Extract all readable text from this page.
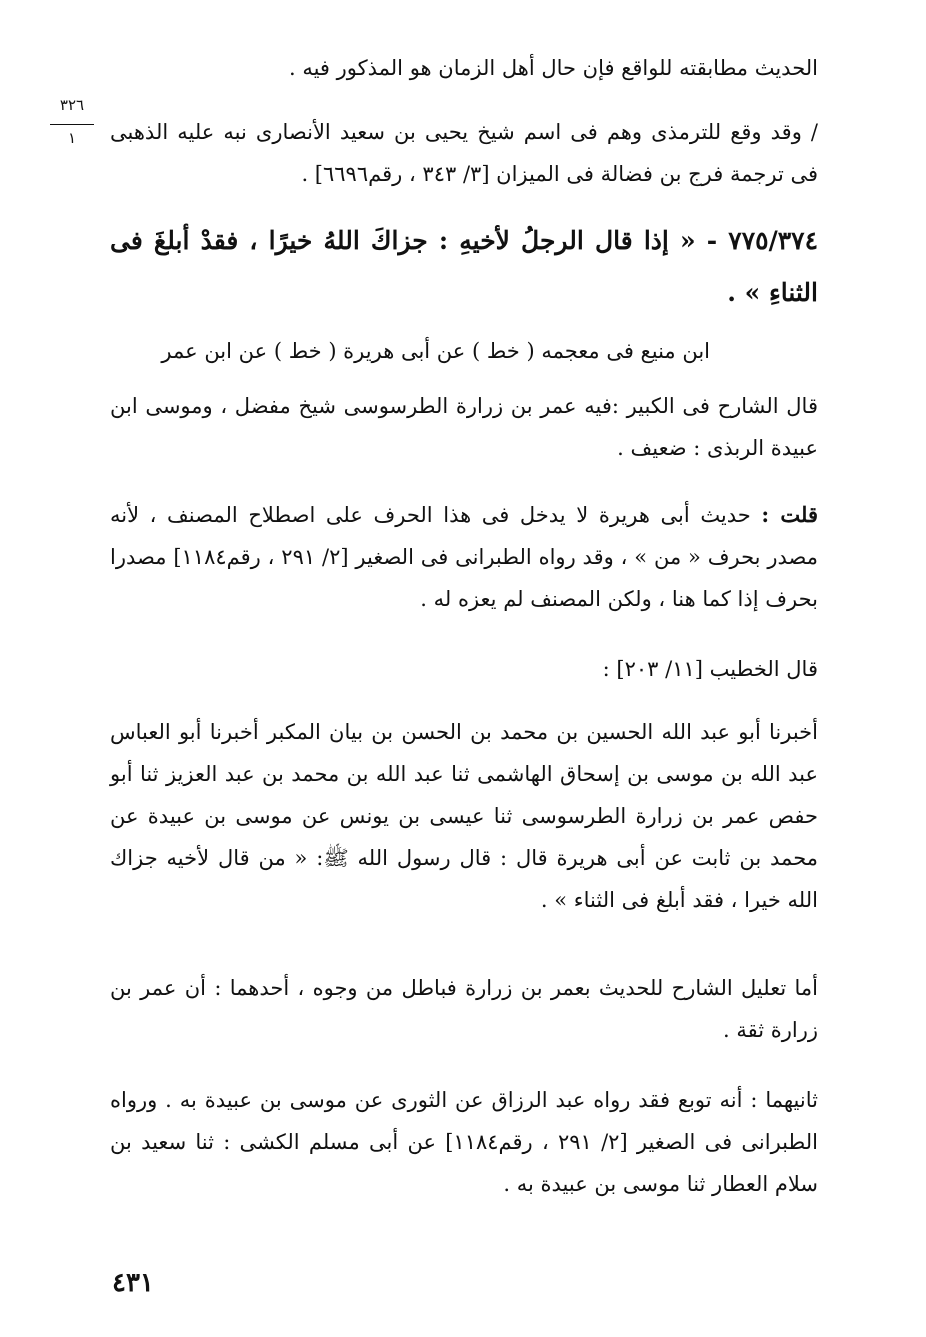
الحديث مطابقته للواقع فإن حال أهل الزمان هو المذكور فيه .

/ وقد وقع للترمذى وهم فى اسم شيخ يحيى بن سعيد الأنصارى نبه عليه الذهبى فى ترجمة فرج بن فضالة فى الميزان [٣/ ٣٤٣ ، رقم٦٦٩٦] .

٣٢٦
١

٧٧٥/٣٧٤ - « إذا قال الرجلُ لأخيهِ : جزاكَ اللهُ خيرًا ، فقدْ أبلغَ فى الثناءِ » .

ابن منيع فى معجمه ( خط ) عن أبى هريرة ( خط ) عن ابن عمر

قال الشارح فى الكبير :فيه عمر بن زرارة الطرسوسى شيخ مفضل ، وموسى ابن عبيدة الربذى : ضعيف .

قلت : حديث أبى هريرة لا يدخل فى هذا الحرف على اصطلاح المصنف ، لأنه مصدر بحرف « من » ، وقد رواه الطبرانى فى الصغير [٢/ ٢٩١ ، رقم١١٨٤] مصدرا بحرف إذا كما هنا ، ولكن المصنف لم يعزه له .

قال الخطيب [١١/ ٢٠٣] :

أخبرنا أبو عبد الله الحسين بن محمد بن الحسن بن بيان المكبر أخبرنا أبو العباس عبد الله بن موسى بن إسحاق الهاشمى ثنا عبد الله بن محمد بن عبد العزيز ثنا أبو حفص عمر بن زرارة الطرسوسى ثنا عيسى بن يونس عن موسى بن عبيدة عن محمد بن ثابت عن أبى هريرة قال : قال رسول الله ﷺ: « من قال لأخيه جزاك الله خيرا ، فقد أبلغ فى الثناء » .

أما تعليل الشارح للحديث بعمر بن زرارة فباطل من وجوه ، أحدهما : أن عمر بن زرارة ثقة .

ثانيهما : أنه توبع فقد رواه عبد الرزاق عن الثورى عن موسى بن عبيدة به . ورواه الطبرانى فى الصغير [٢/ ٢٩١ ، رقم١١٨٤] عن أبى مسلم الكشى : ثنا سعيد بن سلام العطار ثنا موسى بن عبيدة به .

٤٣١
